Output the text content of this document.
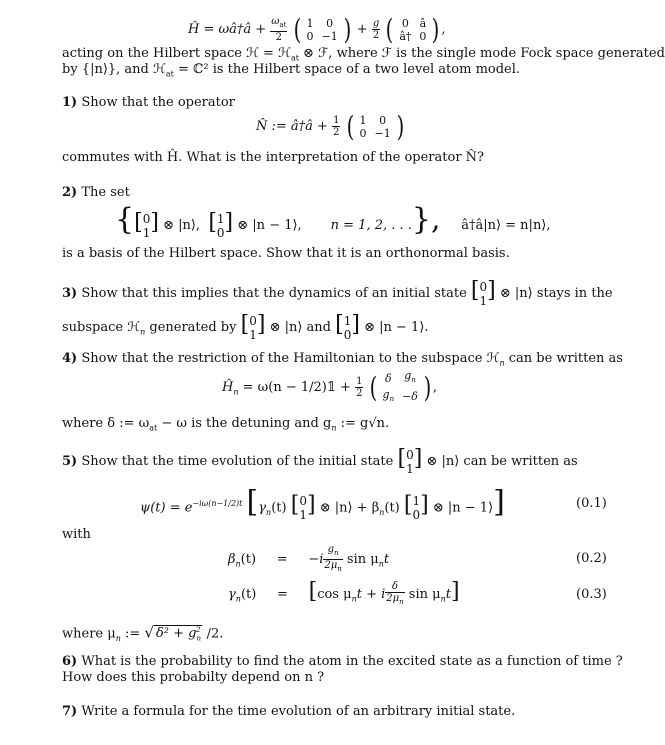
Ĥ = ωâ†â + $\frac{\omega_{at}}{2}$ ( 1	0
0	−1 ) + $\frac{g}{2}$ ( 0	â
â†	0 ) ,
acting on the Hilbert space ℋ = ℋ$_{at}$ ⊗ ℱ, where ℱ is the single mode Fock space generated
by {|n⟩}, and ℋ$_{at}$ = ℂ² is the Hilbert space of a two level atom model.
1) Show that the operator
N̂ := â†â + $\frac{1}{2}$ ( 1	0
0	−1 )
commutes with Ĥ. What is the interpretation of the operator N̂?
2) The set
{[0
1] ⊗ |n⟩, [1
0] ⊗ |n − 1⟩, n = 1, 2, . . .}, â†â|n⟩ = n|n⟩,
is a basis of the Hilbert space. Show that it is an orthonormal basis.
3) Show that this implies that the dynamics of an initial state [0
1] ⊗ |n⟩ stays in the
subspace ℋ$_n$ generated by [0
1] ⊗ |n⟩ and [1
0] ⊗ |n − 1⟩.
4) Show that the restriction of the Hamiltonian to the subspace ℋ$_n$ can be written as
$Ĥ_n = \omega(n$ − 1/2)𝟙 + $\frac{1}{2}$ ( δ	$g_n$
$g_n$	−δ ) ,
where δ := $\omega_{at} - \omega$ is the detuning and $g_n$ := g√n.
5) Show that the time evolution of the initial state [0
1] ⊗ |n⟩ can be written as
$\psi(t) = e^{-i\omega(n-1/2)t}$ [$\gamma_n(t)$ [0
1] ⊗ |n⟩ + $\beta_n(t)$ [1
0] ⊗ |n − 1⟩]	(0.1)
with
$\beta_n(t) = -i \frac{g_n}{2\mu_n}$ $\sin \mu_nt$	(0.2)
$\gamma_n(t) = [\cos$ $\mu_nt + i \frac{\delta}{2\mu_n}$ $\sin \mu_nt$]	(0.3)
where $\mu_n$ := √ $\delta^2 + g_n^2$ /2.
6) What is the probability to find the atom in the excited state as a function of time ?
How does this probabilty depend on n ?
7) Write a formula for the time evolution of an arbitrary initial state.
